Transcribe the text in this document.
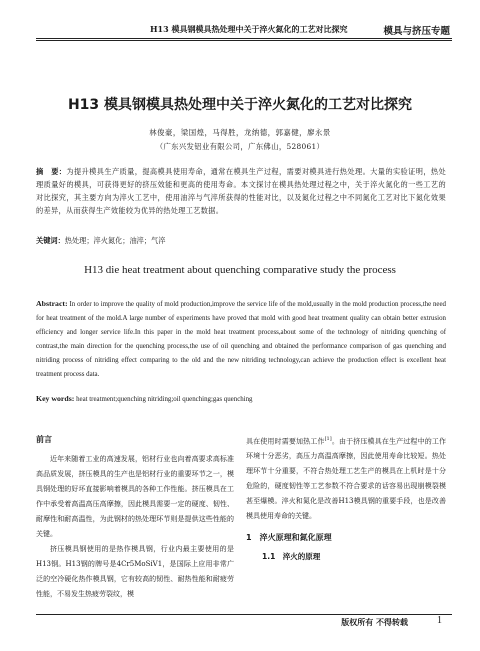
H13 模具钢模具热处理中关于淬火氮化的工艺对比探究	模具与挤压专题
H13 模具钢模具热处理中关于淬火氮化的工艺对比探究
林俊豪，梁国煌，马得胜，龙纳德，郭嘉健，廖永景
（广东兴发铝业有限公司，广东佛山，528061）
摘　要：为提升模具生产质量，提高模具使用寿命，通常在模具生产过程，需要对模具进行热处理。大量的实验证明，热处理质量好的模具，可获得更好的挤压效能和更高的使用寿命。本文探讨在模具热处理过程之中，关于淬火氮化的一些工艺的对比探究，其主要方向为淬火工艺中，使用油淬与气淬所获得的性能对比，以及氮化过程之中不同氮化工艺对比下氮化效果的差异，从而获得生产效能较为优异的热处理工艺数据。
关键词：热处理；淬火氮化；油淬；气淬
H13 die heat treatment about quenching comparative study the process
Abstract: In order to improve the quality of mold production,improve the service life of the mold,usually in the mold production process,the need for heat treatment of the mold.A large number of experiments have proved that mold with good heat treatment quality can obtain better extrusion efficiency and longer service life.In this paper in the mold heat treatment process,about some of the technology of nitriding quenching of contrast,the main direction for the quenching process,the use of oil quenching and obtained the performance comparison of gas quenching and nitriding process of nitriding effect comparing to the old and the new nitriding technology,can achieve the production effect is excellent heat treatment process data.
Key words: heat treatment;quenching nitriding;oil quenching;gas quenching
前言

近年来随着工业的高速发展，铝材行业也向着高要求高标准高品质发展，挤压模具的生产也是铝材行业的重要环节之一，模具钢处理的好坏直接影响着模具的各种工作性能。挤压模具在工作中承受着高温高压高摩擦，因此模具需要一定的硬度、韧性、耐摩性和耐高温性，为此钢材的热处理环节则是提供这些性能的关键。

挤压模具钢使用的是热作模具钢，行业内最主要使用的是H13钢。H13钢的牌号是4Cr5MoSiV1，是国际上应用非常广泛的空冷硬化热作模具钢，它有较高的韧性、耐热性能和耐疲劳性能，不易发生热疲劳裂纹，模

具在使用时需要加热工作[1]。由于挤压模具在生产过程中的工作环境十分恶劣，高压力高温高摩擦，因此使用寿命比较短。热处理环节十分重要，不符合热处理工艺生产的模具在上机时是十分危险的，硬度韧性等工艺参数不符合要求的话容易出现崩模裂模甚至爆模。淬火和氮化是改善H13模具钢的重要手段，也是改善模具使用寿命的关键。

1　淬火原理和氮化原理
1.1　淬火的原理
版权所有 不得转载	1
